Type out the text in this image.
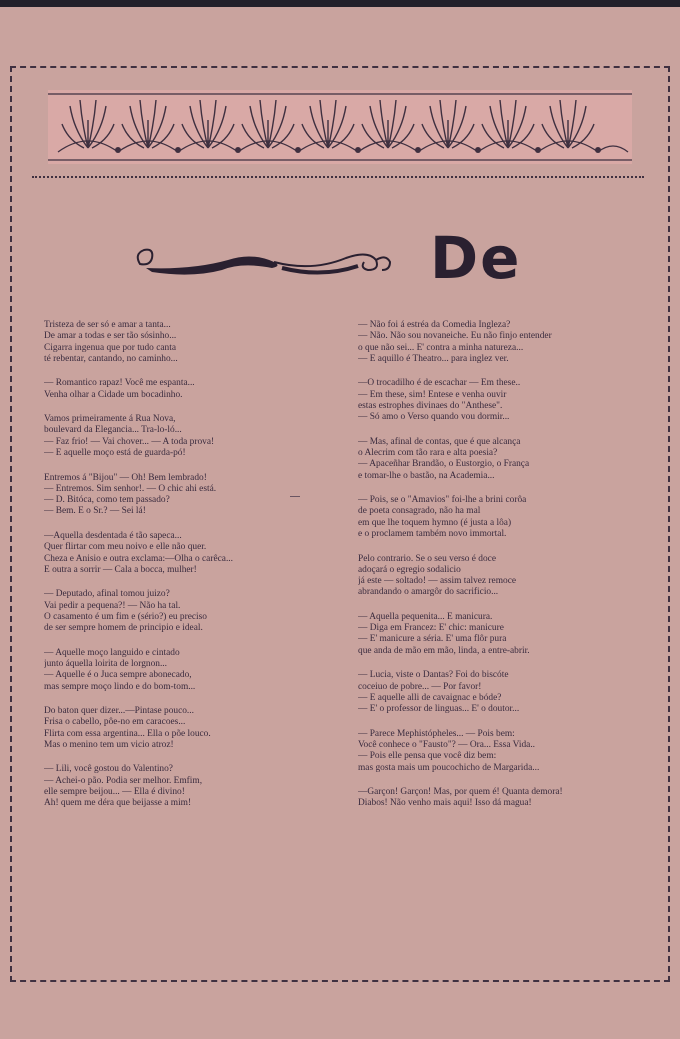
De
Tristeza de ser só e amar a tanta...
De amar a todas e ser tão sósinho...
Cigarra ingenua que por tudo canta
té rebentar, cantando, no caminho...
— Romantico rapaz! Você me espanta...
Venha olhar a Cidade um bocadinho.
Vamos primeiramente á Rua Nova,
boulevard da Elegancia... Tra-lo-ló...
— Faz frio! — Vai chover... — A toda prova!
— E aquelle moço está de guarda-pó!
Entremos á "Bijou" — Oh! Bem lembrado!
— Entremos. Sim senhor!. — O chic ahi está.
— D. Bitóca, como tem passado?
— Bem. E o Sr.? — Sei lá!
—Aquella desdentada é tão sapeca...
Quer flirtar com meu noivo e elle não quer.
Cheza e Anisio e outra exclama:—Olha o carêca...
E outra a sorrir — Cala a bocca, mulher!
— Deputado, afinal tomou juizo?
Vai pedir a pequena?! — Não ha tal.
O casamento é um fim e (sério?) eu preciso
de ser sempre homem de principio e ideal.
— Aquelle moço languido e cintado
junto áquella loirita de lorgnon...
— Aquelle é o Juca sempre abonecado,
mas sempre moço lindo e do bom-tom...
Do baton quer dizer...—Pintase pouco...
Frisa o cabello, pôe-no em caracoes...
Flirta com essa argentina... Ella o põe louco.
Mas o menino tem um vicio atroz!
— Lili, você gostou do Valentino?
— Achei-o pão. Podia ser melhor. Emfim,
elle sempre beijou... — Ella é divino!
Ah! quem me déra que beijasse a mim!
— Não foi á estréa da Comedia Ingleza?
— Não. Não sou novaneiche. Eu não finjo entender
o que não sei... E' contra a minha natureza...
— E aquillo é Theatro... para inglez ver.
—O trocadilho é de escachar — Em these..
— Em these, sim! Entese e venha ouvir
estas estrophes divinaes do "Anthese".
— Só amo o Verso quando vou dormir...
— Mas, afinal de contas, que é que alcança
o Alecrim com tão rara e alta poesia?
— Apaceñhar Brandão, o Eustorgio, o França
e tomar-lhe o bastão, na Academia...
— Pois, se o "Amavios" foi-lhe a brini corôa
de poeta consagrado, não ha mal
em que lhe toquem hymno (é justa a lôa)
e o proclamem também novo immortal.
Pelo contrario. Se o seu verso é doce
adoçará o egregio sodalicio
já este — soltado! — assim talvez remoce
abrandando o amargôr do sacrificio...
— Aquella pequenita... E manicura.
— Diga em Francez: E' chic: manicure
— E' manicure a séria. E' uma flôr pura
que anda de mão em mão, linda, a entre-abrir.
— Lucia, viste o Dantas? Foi do biscóte
coceiuo de pobre... — Por favor!
— E aquelle alli de cavaignac e bóde?
— E' o professor de linguas... E' o doutor...
— Parece Mephistópheles... — Pois bem:
Você conhece o "Fausto"? — Ora... Essa Vida..
— Pois elle pensa que você diz bem:
mas gosta mais um poucochicho de Margarida...
—Garçon! Garçon! Mas, por quem é! Quanta demora!
Diabos! Não venho mais aqui! Isso dá magua!
